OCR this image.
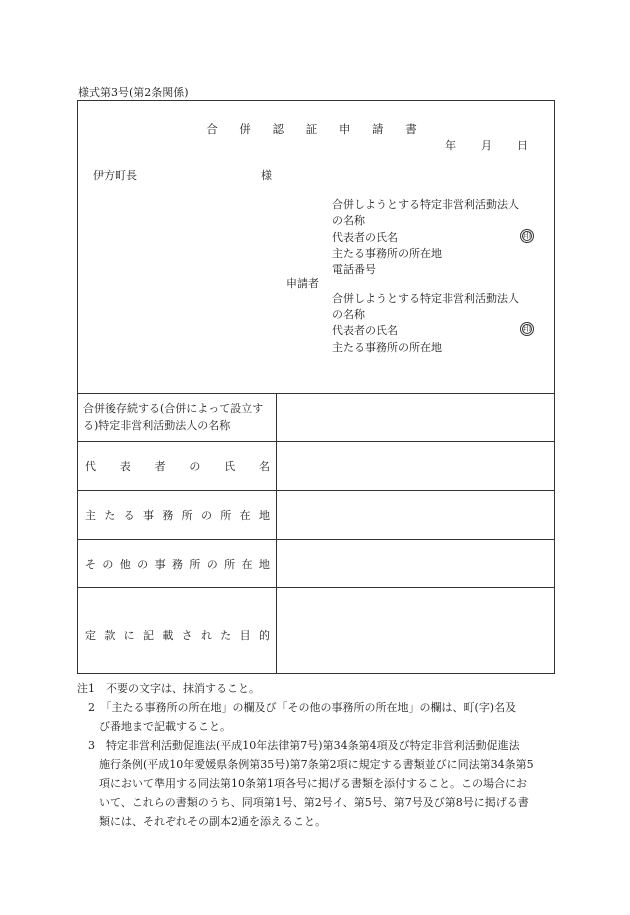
様式第3号(第2条関係)
合 併 認 証 申 請 書
年 月 日
伊方町長	様
申請者
合併しようとする特定非営利活動法人
の名称
代表者の氏名	印
主たる事務所の所在地
電話番号
合併しようとする特定非営利活動法人
の名称
代表者の氏名	印
主たる事務所の所在地
合併後存続する(合併によって設立する)特定非営利活動法人の名称
代 表 者 の 氏 名
主 た る 事 務 所 の 所 在 地
そ の 他 の 事 務 所 の 所 在 地
定 款 に 記 載 さ れ た 目 的
注1　不要の文字は、抹消すること。
　2　「主たる事務所の所在地」の欄及び「その他の事務所の所在地」の欄は、町(字)名及
　　び番地まで記載すること。
　3　特定非営利活動促進法(平成10年法律第7号)第34条第4項及び特定非営利活動促進法
　　施行条例(平成10年愛媛県条例第35号)第7条第2項に規定する書類並びに同法第34条第5
　　項において準用する同法第10条第1項各号に掲げる書類を添付すること。この場合にお
　　いて、これらの書類のうち、同項第1号、第2号イ、第5号、第7号及び第8号に掲げる書
　　類には、それぞれその副本2通を添えること。
